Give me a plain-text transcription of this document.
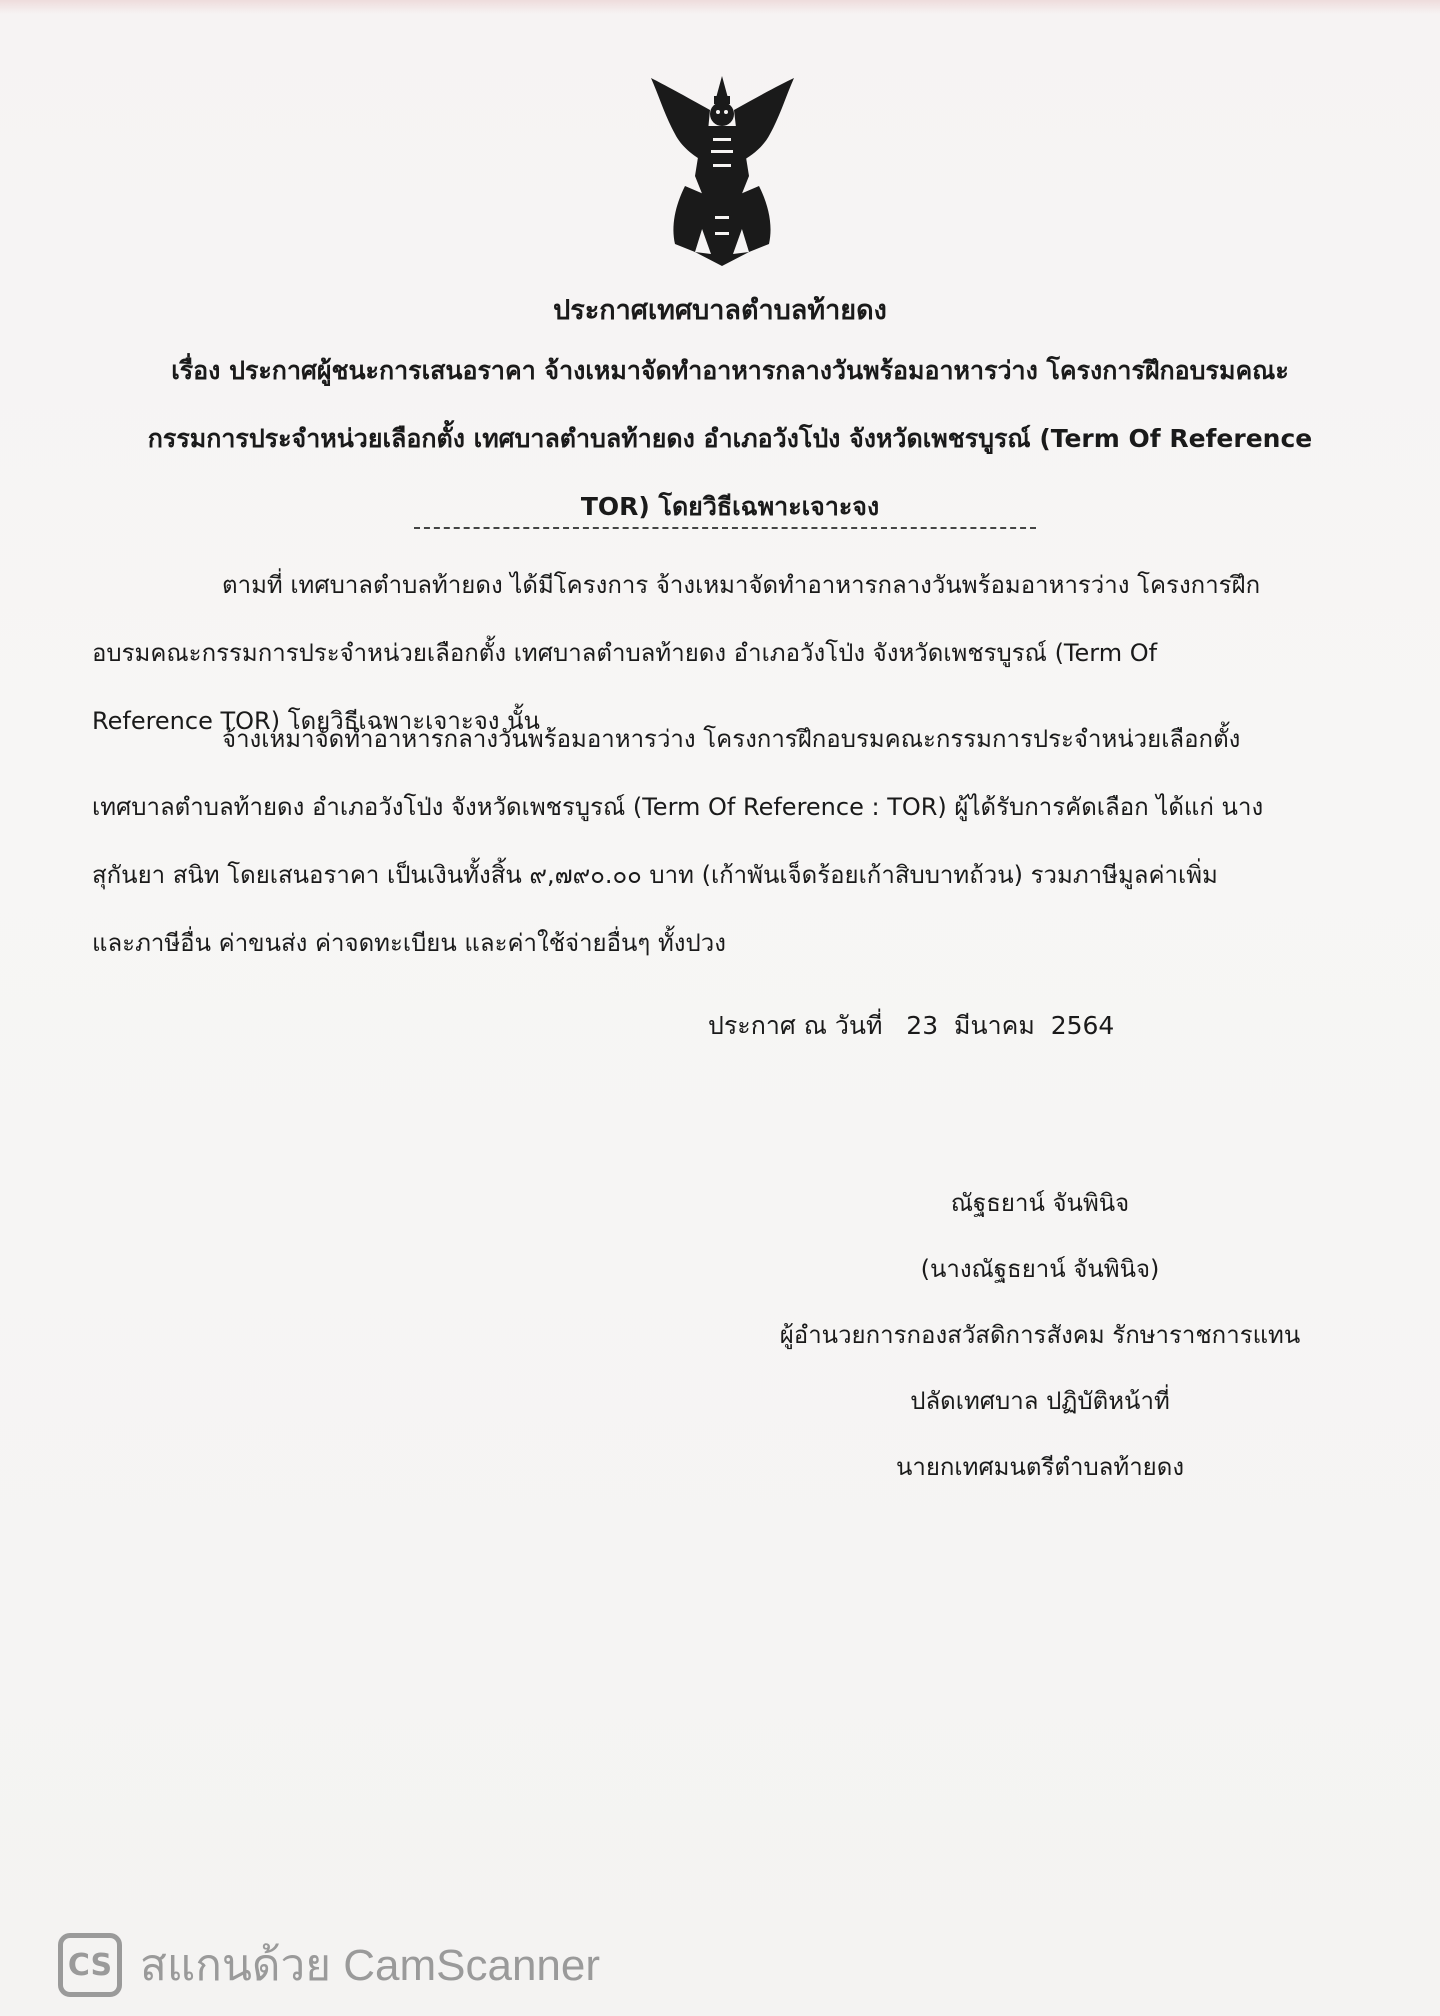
ประกาศเทศบาลตำบลท้ายดง
เรื่อง ประกาศผู้ชนะการเสนอราคา จ้างเหมาจัดทำอาหารกลางวันพร้อมอาหารว่าง โครงการฝึกอบรมคณะ
กรรมการประจำหน่วยเลือกตั้ง เทศบาลตำบลท้ายดง อำเภอวังโป่ง จังหวัดเพชรบูรณ์ (Term Of Reference
TOR) โดยวิธีเฉพาะเจาะจง
ตามที่ เทศบาลตำบลท้ายดง ได้มีโครงการ จ้างเหมาจัดทำอาหารกลางวันพร้อมอาหารว่าง โครงการฝึก
อบรมคณะกรรมการประจำหน่วยเลือกตั้ง เทศบาลตำบลท้ายดง อำเภอวังโป่ง จังหวัดเพชรบูรณ์ (Term Of
Reference TOR) โดยวิธีเฉพาะเจาะจง นั้น
จ้างเหมาจัดทำอาหารกลางวันพร้อมอาหารว่าง โครงการฝึกอบรมคณะกรรมการประจำหน่วยเลือกตั้ง
เทศบาลตำบลท้ายดง อำเภอวังโป่ง จังหวัดเพชรบูรณ์ (Term Of Reference : TOR) ผู้ได้รับการคัดเลือก ได้แก่ นาง
สุกันยา สนิท โดยเสนอราคา เป็นเงินทั้งสิ้น ๙,๗๙๐.๐๐ บาท (เก้าพันเจ็ดร้อยเก้าสิบบาทถ้วน) รวมภาษีมูลค่าเพิ่ม
และภาษีอื่น ค่าขนส่ง ค่าจดทะเบียน และค่าใช้จ่ายอื่นๆ ทั้งปวง
ประกาศ ณ วันที่   23  มีนาคม  2564
ณัฐธยาน์ จันพินิจ
(นางณัฐธยาน์ จันพินิจ)
ผู้อำนวยการกองสวัสดิการสังคม รักษาราชการแทน
ปลัดเทศบาล ปฏิบัติหน้าที่
นายกเทศมนตรีตำบลท้ายดง
CS สแกนด้วย CamScanner
